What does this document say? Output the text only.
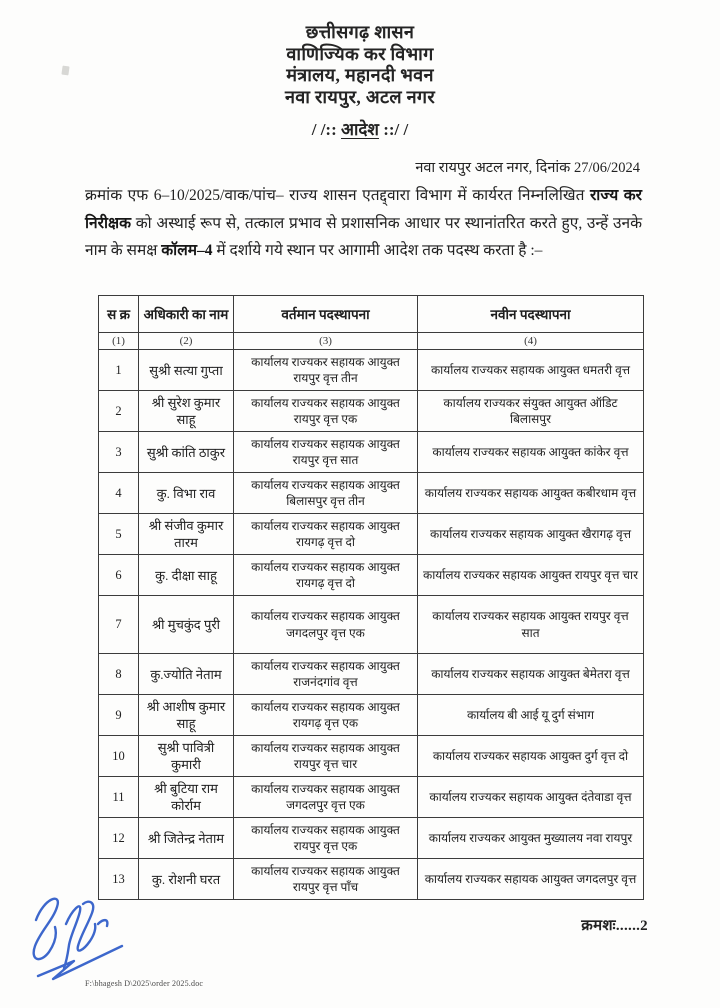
छत्तीसगढ़ शासन
वाणिज्यिक कर विभाग
मंत्रालय, महानदी भवन
नवा रायपुर, अटल नगर
/ /:: आदेश ::/ /
नवा रायपुर अटल नगर, दिनांक 27/06/2024
क्रमांक एफ 6–10/2025/वाक/पांच– राज्य शासन एतद्द्वारा विभाग में कार्यरत निम्नलिखित राज्य कर निरीक्षक को अस्थाई रूप से, तत्काल प्रभाव से प्रशासनिक आधार पर स्थानांतरित करते हुए, उन्हें उनके नाम के समक्ष कॉलम–4 में दर्शाये गये स्थान पर आगामी आदेश तक पदस्थ करता है :–
स क्र	अधिकारी का नाम	वर्तमान पदस्थापना	नवीन पदस्थापना
(1)	(2)	(3)	(4)
1	सुश्री सत्या गुप्ता	कार्यालय राज्यकर सहायक आयुक्त रायपुर वृत्त तीन	कार्यालय राज्यकर सहायक आयुक्त धमतरी वृत्त
2	श्री सुरेश कुमार साहू	कार्यालय राज्यकर सहायक आयुक्त रायपुर वृत्त एक	कार्यालय राज्यकर संयुक्त आयुक्त ऑडिट बिलासपुर
3	सुश्री कांति ठाकुर	कार्यालय राज्यकर सहायक आयुक्त रायपुर वृत्त सात	कार्यालय राज्यकर सहायक आयुक्त कांकेर वृत्त
4	कु. विभा राव	कार्यालय राज्यकर सहायक आयुक्त बिलासपुर वृत्त तीन	कार्यालय राज्यकर सहायक आयुक्त कबीरधाम वृत्त
5	श्री संजीव कुमार तारम	कार्यालय राज्यकर सहायक आयुक्त रायगढ़ वृत्त दो	कार्यालय राज्यकर सहायक आयुक्त खैरागढ़ वृत्त
6	कु. दीक्षा साहू	कार्यालय राज्यकर सहायक आयुक्त रायगढ़ वृत्त दो	कार्यालय राज्यकर सहायक आयुक्त रायपुर वृत्त चार
7	श्री मुचकुंद पुरी	कार्यालय राज्यकर सहायक आयुक्त जगदलपुर वृत्त एक	कार्यालय राज्यकर सहायक आयुक्त रायपुर वृत्त सात
8	कु.ज्योति नेताम	कार्यालय राज्यकर सहायक आयुक्त राजनंदगांव वृत्त	कार्यालय राज्यकर सहायक आयुक्त बेमेतरा वृत्त
9	श्री आशीष कुमार साहू	कार्यालय राज्यकर सहायक आयुक्त रायगढ़ वृत्त एक	कार्यालय बी आई यू दुर्ग संभाग
10	सुश्री पावित्री कुमारी	कार्यालय राज्यकर सहायक आयुक्त रायपुर वृत्त चार	कार्यालय राज्यकर सहायक आयुक्त दुर्ग वृत्त दो
11	श्री बुटिया राम कोर्राम	कार्यालय राज्यकर सहायक आयुक्त जगदलपुर वृत्त एक	कार्यालय राज्यकर सहायक आयुक्त दंतेवाडा वृत्त
12	श्री जितेन्द्र नेताम	कार्यालय राज्यकर सहायक आयुक्त रायपुर वृत्त एक	कार्यालय राज्यकर आयुक्त मुख्यालय नवा रायपुर
13	कु. रोशनी घरत	कार्यालय राज्यकर सहायक आयुक्त रायपुर वृत्त पाँच	कार्यालय राज्यकर सहायक आयुक्त जगदलपुर वृत्त
क्रमशः......2
F:\bhagesh D\2025\order 2025.doc
